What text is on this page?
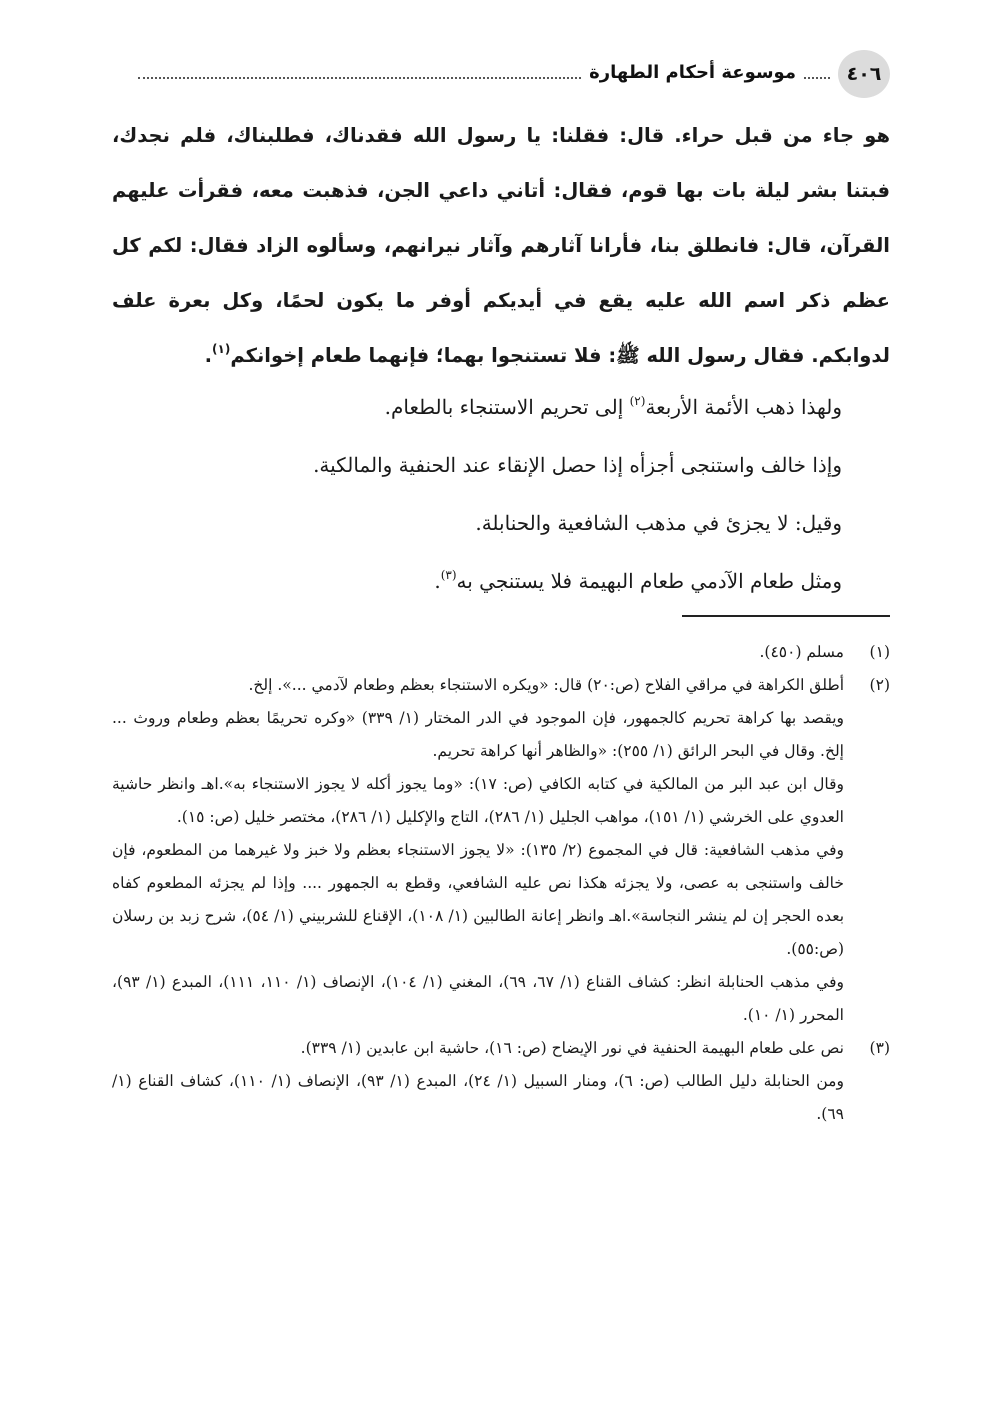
٤٠٦
موسوعة أحكام الطهارة

هو جاء من قبل حراء. قال: فقلنا: يا رسول الله فقدناك، فطلبناك، فلم نجدك، فبتنا بشر ليلة بات بها قوم، فقال: أتاني داعي الجن، فذهبت معه، فقرأت عليهم القرآن، قال: فانطلق بنا، فأرانا آثارهم وآثار نيرانهم، وسألوه الزاد فقال: لكم كل عظم ذكر اسم الله عليه يقع في أيديكم أوفر ما يكون لحمًا، وكل بعرة علف لدوابكم. فقال رسول الله ﷺ: فلا تستنجوا بهما؛ فإنهما طعام إخوانكم$^{(١)}$.

ولهذا ذهب الأئمة الأربعة$^{(٢)}$ إلى تحريم الاستنجاء بالطعام.

وإذا خالف واستنجى أجزأه إذا حصل الإنقاء عند الحنفية والمالكية.

وقيل: لا يجزئ في مذهب الشافعية والحنابلة.

ومثل طعام الآدمي طعام البهيمة فلا يستنجي به$^{(٣)}$.

(١)

مسلم (٤٥٠).

(٢)

أطلق الكراهة في مراقي الفلاح (ص:٢٠) قال: «ويكره الاستنجاء بعظم وطعام لآدمي ...». إلخ.

ويقصد بها كراهة تحريم كالجمهور، فإن الموجود في الدر المختار (١/ ٣٣٩) «وكره تحريمًا بعظم وطعام وروث ... إلخ. وقال في البحر الرائق (١/ ٢٥٥): «والظاهر أنها كراهة تحريم.

وقال ابن عبد البر من المالكية في كتابه الكافي (ص: ١٧): «وما يجوز أكله لا يجوز الاستنجاء به».اهـ وانظر حاشية العدوي على الخرشي (١/ ١٥١)، مواهب الجليل (١/ ٢٨٦)، التاج والإكليل (١/ ٢٨٦)، مختصر خليل (ص: ١٥).

وفي مذهب الشافعية: قال في المجموع (٢/ ١٣٥): «لا يجوز الاستنجاء بعظم ولا خبز ولا غيرهما من المطعوم، فإن خالف واستنجى به عصى، ولا يجزئه هكذا نص عليه الشافعي، وقطع به الجمهور .... وإذا لم يجزئه المطعوم كفاه بعده الحجر إن لم ينشر النجاسة».اهـ وانظر إعانة الطالبين (١/ ١٠٨)، الإقناع للشربيني (١/ ٥٤)، شرح زبد بن رسلان (ص:٥٥).

وفي مذهب الحنابلة انظر: كشاف القناع (١/ ٦٧، ٦٩)، المغني (١/ ١٠٤)، الإنصاف (١/ ١١٠، ١١١)، المبدع (١/ ٩٣)، المحرر (١/ ١٠).

(٣)

نص على طعام البهيمة الحنفية في نور الإيضاح (ص: ١٦)، حاشية ابن عابدين (١/ ٣٣٩).

ومن الحنابلة دليل الطالب (ص: ٦)، ومنار السبيل (١/ ٢٤)، المبدع (١/ ٩٣)، الإنصاف (١/ ١١٠)، كشاف القناع (١/ ٦٩).
